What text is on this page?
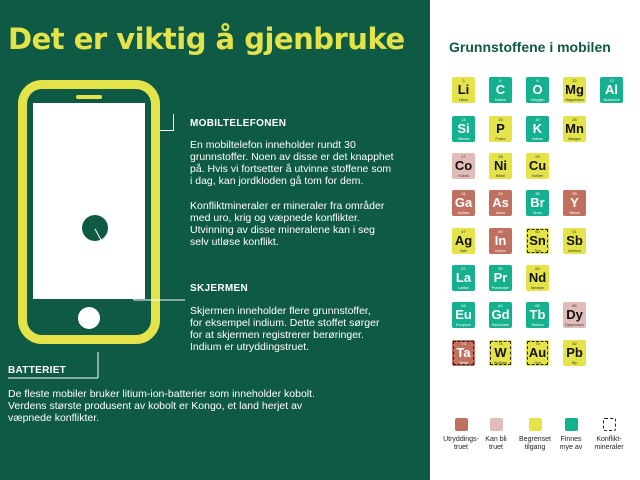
Det er viktig å gjenbruke
MOBILTELEFONEN
En mobiltelefon inneholder rundt 30
grunnstoffer. Noen av disse er det knapphet
på. Hvis vi fortsetter å utvinne stoffene som
i dag, kan jordkloden gå tom for dem.
Konfliktmineraler er mineraler fra områder
med uro, krig og væpnede konflikter.
Utvinning av disse mineralene kan i seg
selv utløse konflikt.
SKJERMEN
Skjermen inneholder flere grunnstoffer,
for eksempel indium. Dette stoffet sørger
for at skjermen registrerer berøringer.
Indium er utryddingstruet.
BATTERIET
De fleste mobiler bruker litium-ion-batterier som inneholder kobolt.
Verdens største produsent av kobolt er Kongo, et land herjet av
væpnede konflikter.
Grunnstoffene i mobilen
3
Li
Litium
6
C
Karbon
8
O
Oksygen
12
Mg
Magnesium
13
Al
Aluminium
14
Si
Silisium
15
P
Fosfor
19
K
Kalium
25
Mn
Mangan
27
Co
Kobolt
28
Ni
Nikkel
29
Cu
Kobber
31
Ga
Gallium
33
As
Arsen
35
Br
Brom
39
Y
Yttrium
47
Ag
Sølv
49
In
Indium
50
Sn
Tinn
51
Sb
Antimon
57
La
Lantan
59
Pr
Praseodym
60
Nd
Neodym
63
Eu
Europium
64
Gd
Gadolinium
65
Tb
Terbium
66
Dy
Dysprosium
73
Ta
Tantal
74
W
Wolfram
79
Au
Gull
82
Pb
Bly
Utryddings-
truet
Kan bli
truet
Begrenset
tilgang
Finnes
mye av
Konflikt-
mineraler
